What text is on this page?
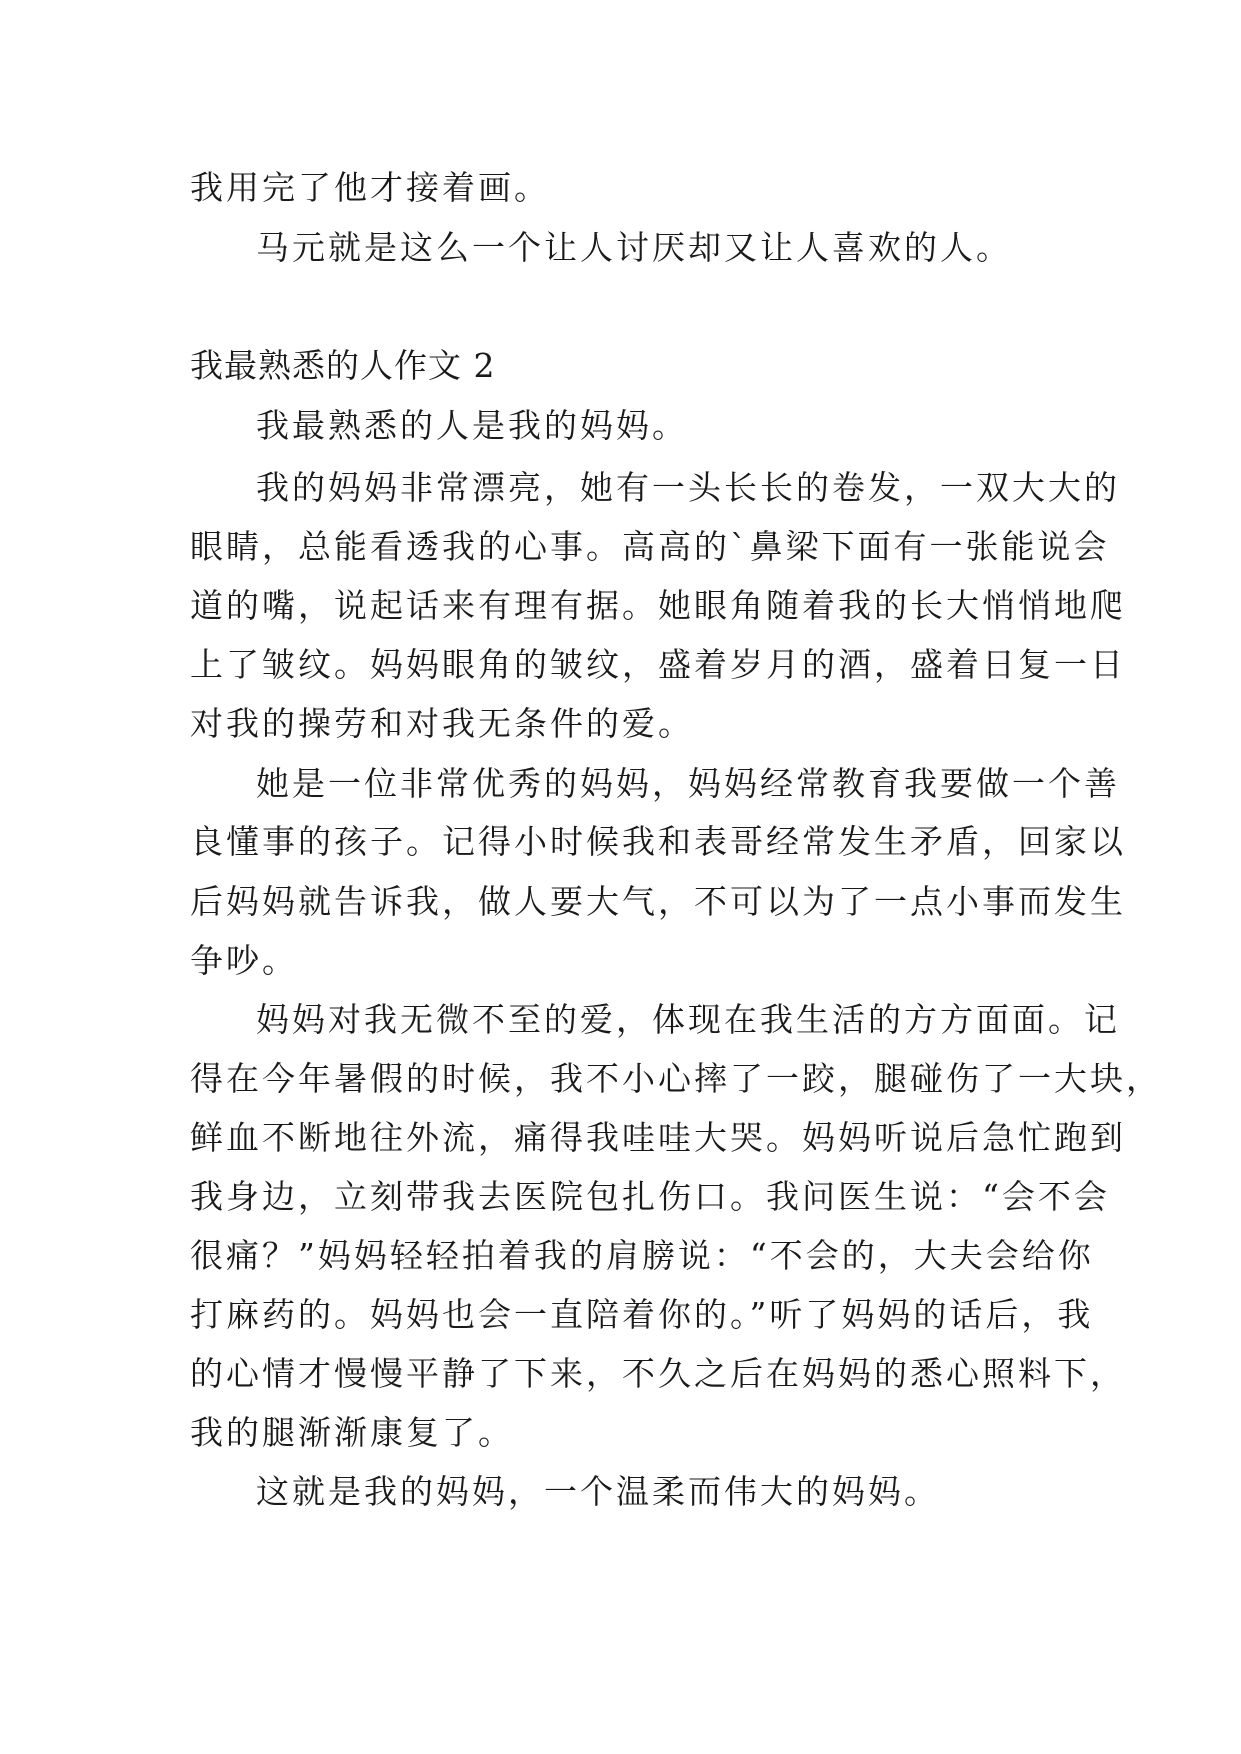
我用完了他才接着画。
马元就是这么一个让人讨厌却又让人喜欢的人。
我最熟悉的人作文 2
我最熟悉的人是我的妈妈。
我的妈妈非常漂亮，她有一头长长的卷发，一双大大的
眼睛，总能看透我的心事。高高的`鼻梁下面有一张能说会
道的嘴，说起话来有理有据。她眼角随着我的长大悄悄地爬
上了皱纹。妈妈眼角的皱纹，盛着岁月的酒，盛着日复一日
对我的操劳和对我无条件的爱。
她是一位非常优秀的妈妈，妈妈经常教育我要做一个善
良懂事的孩子。记得小时候我和表哥经常发生矛盾，回家以
后妈妈就告诉我，做人要大气，不可以为了一点小事而发生
争吵。
妈妈对我无微不至的爱，体现在我生活的方方面面。记
得在今年暑假的时候，我不小心摔了一跤，腿碰伤了一大块，
鲜血不断地往外流，痛得我哇哇大哭。妈妈听说后急忙跑到
我身边，立刻带我去医院包扎伤口。我问医生说：“会不会
很痛？”妈妈轻轻拍着我的肩膀说：“不会的，大夫会给你
打麻药的。妈妈也会一直陪着你的。”听了妈妈的话后，我
的心情才慢慢平静了下来，不久之后在妈妈的悉心照料下，
我的腿渐渐康复了。
这就是我的妈妈，一个温柔而伟大的妈妈。
